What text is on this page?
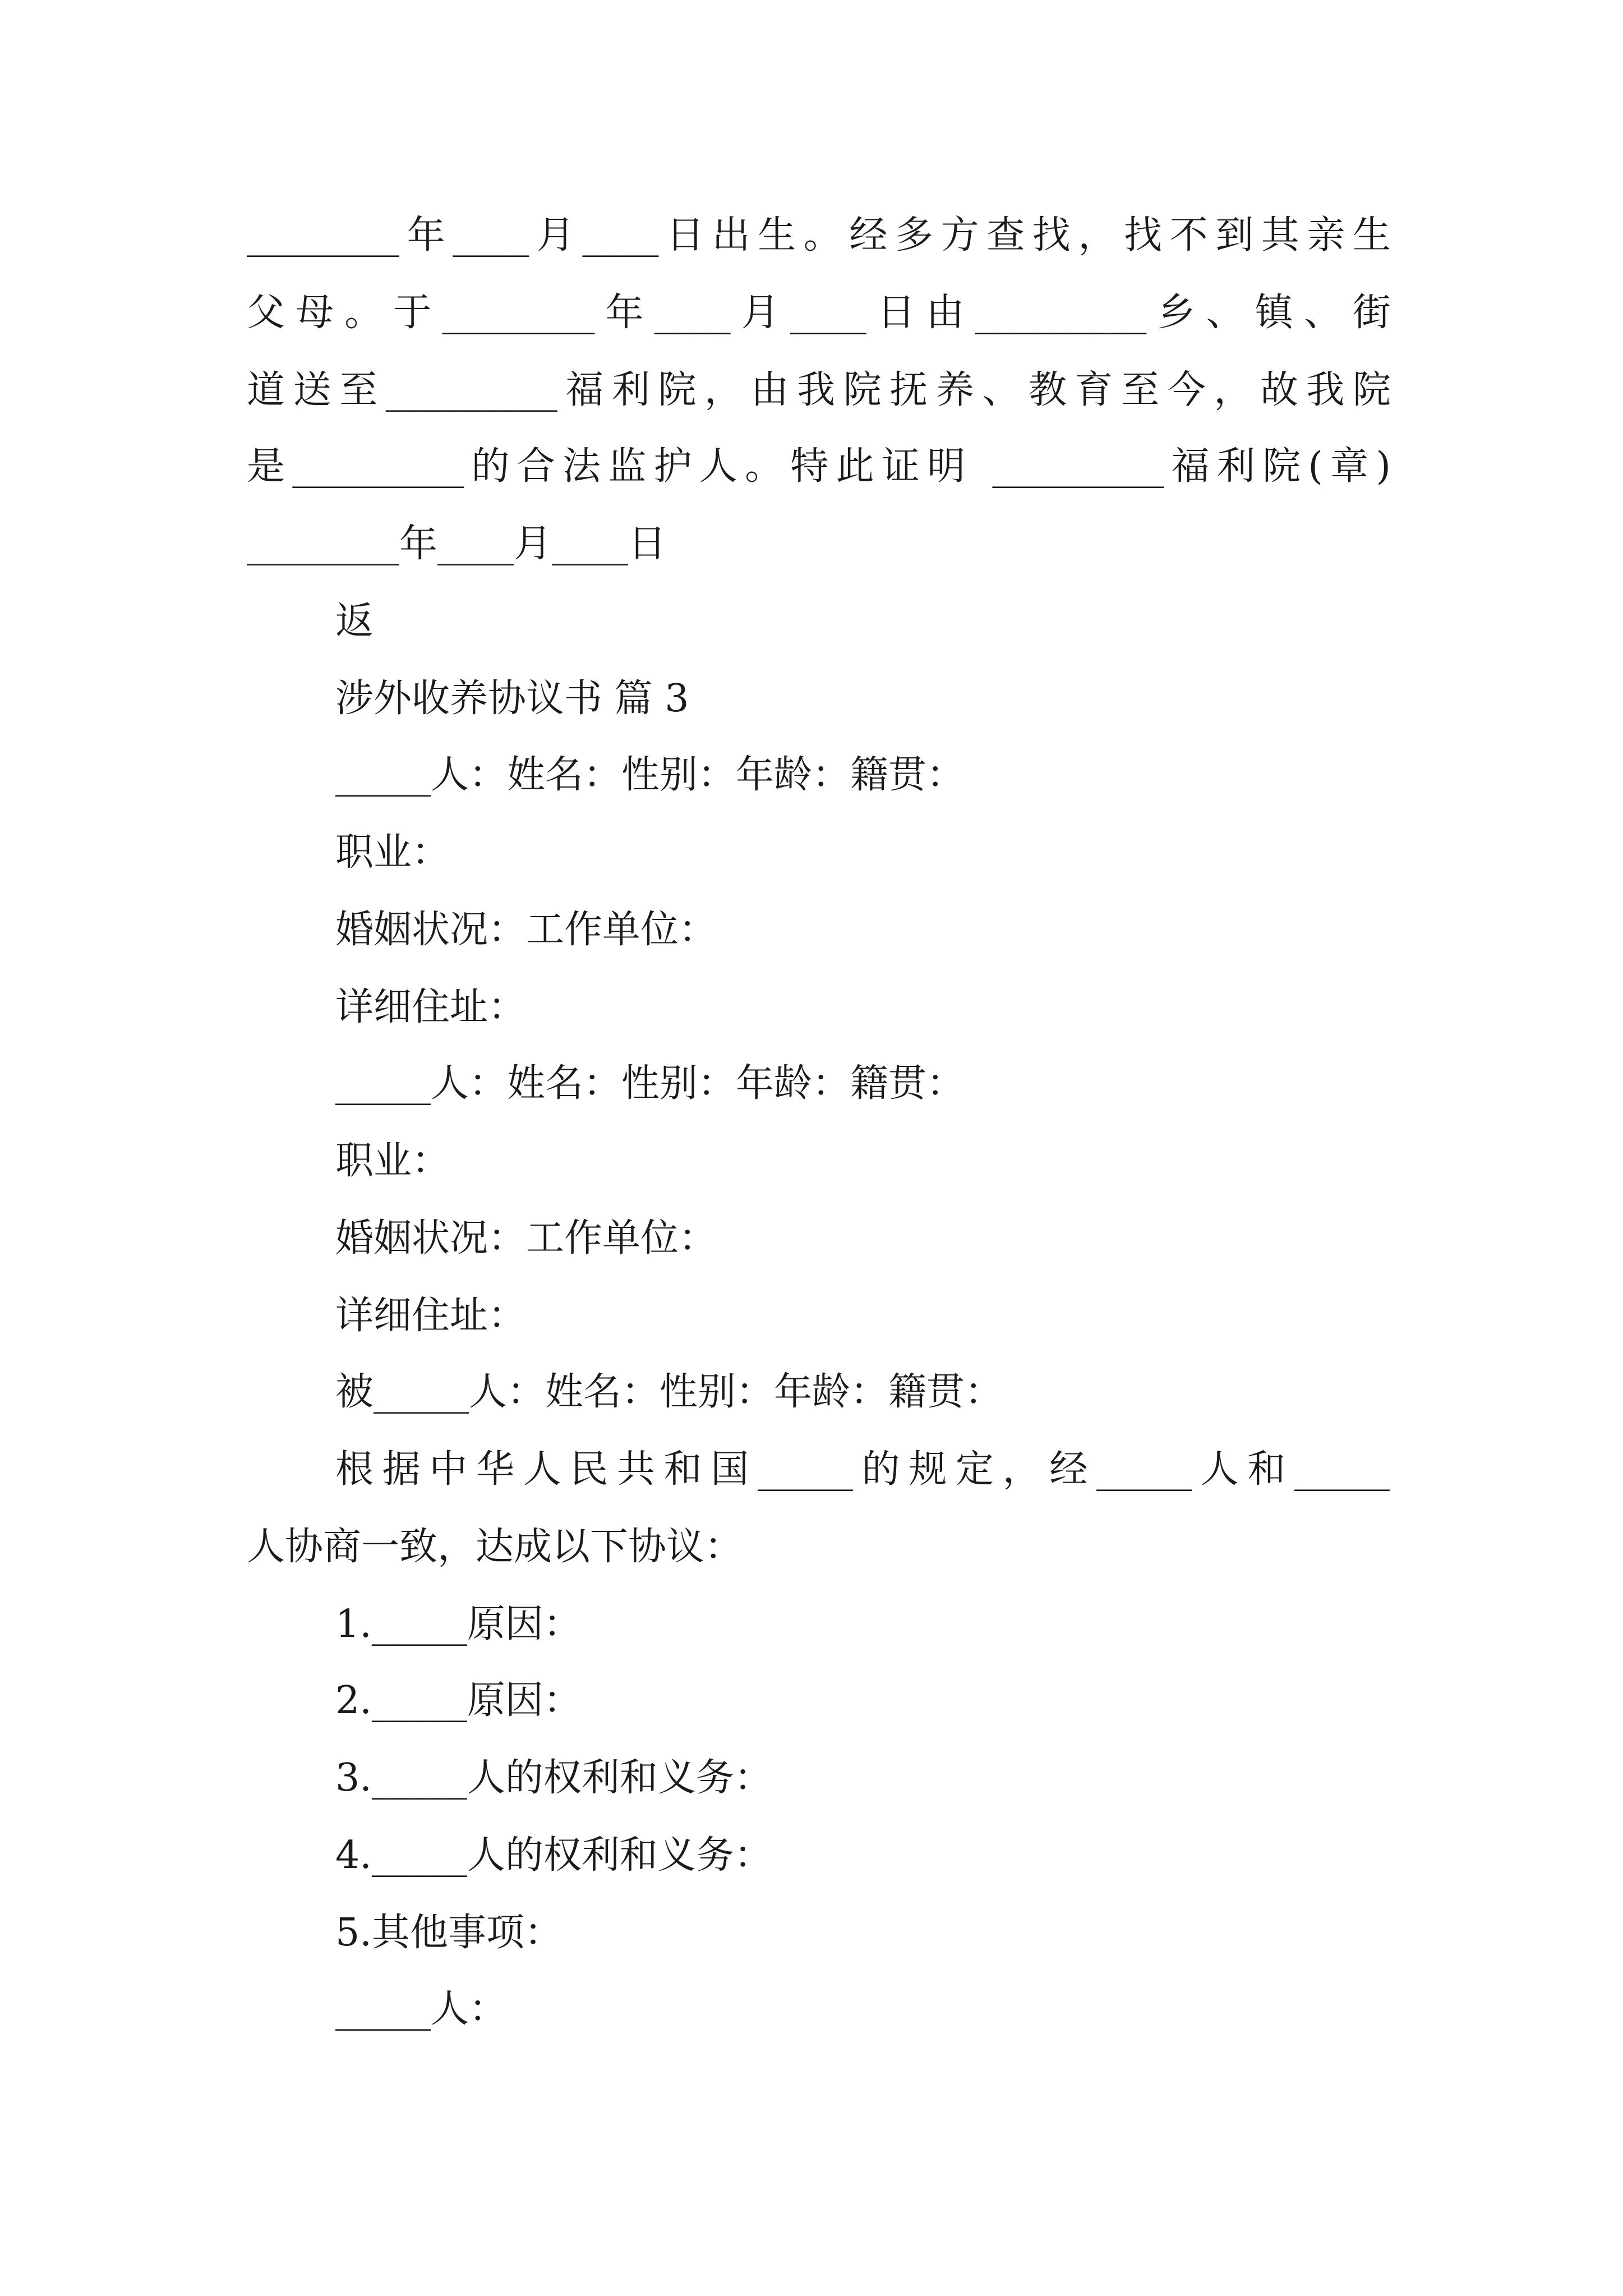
________年____月____日出生。经多方查找，找不到其亲生
父母。于________年____月____日由_________乡、镇、街
道送至_________福利院，由我院抚养、教育至今，故我院
是_________的合法监护人。特此证明 _________福利院(章)
________年____月____日
返
涉外收养协议书 篇 3
_____人：姓名：性别：年龄：籍贯：
职业：
婚姻状况：工作单位：
详细住址：
_____人：姓名：性别：年龄：籍贯：
职业：
婚姻状况：工作单位：
详细住址：
被_____人：姓名：性别：年龄：籍贯：
根据中华人民共和国_____的规定，经_____人和_____
人协商一致，达成以下协议：
1._____原因：
2._____原因：
3._____人的权利和义务：
4._____人的权利和义务：
5.其他事项：
_____人：
